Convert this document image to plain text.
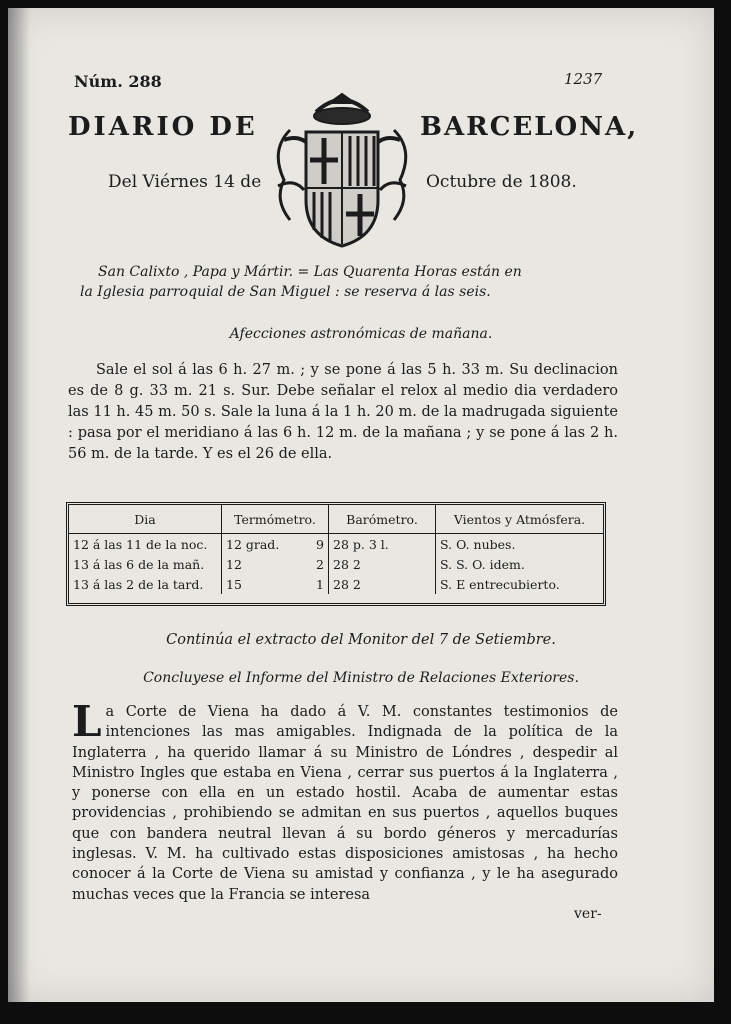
Núm. 288	1237
DIARIO DE	BARCELONA,
Del Viérnes 14 de	Octubre de 1808.
San Calixto , Papa y Mártir. = Las Quarenta Horas están en
la Iglesia parroquial de San Miguel : se reserva á las seis.
Afecciones astronómicas de mañana.
Sale el sol á las 6 h. 27 m. ; y se pone á las 5 h. 33 m. Su declinacion es de 8 g. 33 m. 21 s. Sur. Debe señalar el relox al medio dia verdadero las 11 h. 45 m. 50 s. Sale la luna á la 1 h. 20 m. de la madrugada siguiente : pasa por el meridiano á las 6 h. 12 m. de la mañana ; y se pone á las 2 h. 56 m. de la tarde. Y es el 26 de ella.
Dia	Termómetro.	Barómetro.	Vientos y Atmósfera.
12 á las 11 de la noc.	12 grad. 9	28 p. 3 l.	S. O. nubes.
13 á las 6 de la mañ.	12 2	28 2	S. S. O. idem.
13 á las 2 de la tard.	15 1	28 2	S. E entrecubierto.
Continúa el extracto del Monitor del 7 de Setiembre.
Concluyese el Informe del Ministro de Relaciones Exteriores.
La Corte de Viena ha dado á V. M. constantes testimonios de intenciones las mas amigables. Indignada de la política de la Inglaterra , ha querido llamar á su Ministro de Lóndres , despedir al Ministro Ingles que estaba en Viena , cerrar sus puertos á la Inglaterra , y ponerse con ella en un estado hostil. Acaba de aumentar estas providencias , prohibiendo se admitan en sus puertos , aquellos buques que con bandera neutral llevan á su bordo géneros y mercadurías inglesas. V. M. ha cultivado estas disposiciones amistosas , ha hecho conocer á la Corte de Viena su amistad y confianza , y le ha asegurado muchas veces que la Francia se interesa
ver-
